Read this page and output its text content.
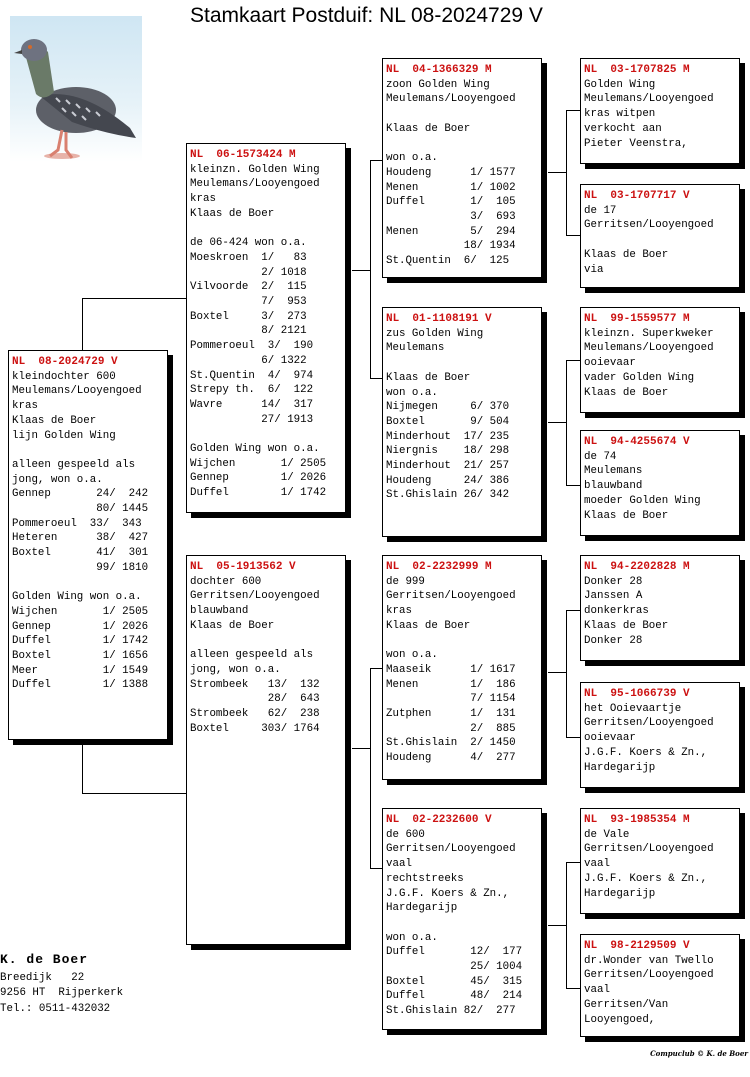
Stamkaart Postduif: NL 08-2024729 V
NL  08-2024729 V
kleindochter 600
Meulemans/Looyengoed
kras
Klaas de Boer
lijn Golden Wing
alleen gespeeld als
jong, won o.a.
Gennep       24/  242
80/ 1445
Pommeroeul  33/  343
Heteren      38/  427
Boxtel       41/  301
99/ 1810
Golden Wing won o.a.
Wijchen       1/ 2505
Gennep        1/ 2026
Duffel        1/ 1742
Boxtel        1/ 1656
Meer          1/ 1549
Duffel        1/ 1388
NL  06-1573424 M
kleinzn. Golden Wing
Meulemans/Looyengoed
kras
Klaas de Boer
de 06-424 won o.a.
Moeskroen  1/   83
2/ 1018
Vilvoorde  2/  115
7/  953
Boxtel     3/  273
8/ 2121
Pommeroeul  3/  190
6/ 1322
St.Quentin  4/  974
Strepy th.  6/  122
Wavre      14/  317
27/ 1913
Golden Wing won o.a.
Wijchen       1/ 2505
Gennep        1/ 2026
Duffel        1/ 1742
NL  05-1913562 V
dochter 600
Gerritsen/Looyengoed
blauwband
Klaas de Boer
alleen gespeeld als
jong, won o.a.
Strombeek   13/  132
28/  643
Strombeek   62/  238
Boxtel     303/ 1764
NL  04-1366329 M
zoon Golden Wing
Meulemans/Looyengoed
Klaas de Boer
won o.a.
Houdeng      1/ 1577
Menen        1/ 1002
Duffel       1/  105
3/  693
Menen        5/  294
18/ 1934
St.Quentin  6/  125
NL  01-1108191 V
zus Golden Wing
Meulemans
Klaas de Boer
won o.a.
Nijmegen     6/ 370
Boxtel       9/ 504
Minderhout  17/ 235
Niergnis    18/ 298
Minderhout  21/ 257
Houdeng     24/ 386
St.Ghislain 26/ 342
NL  02-2232999 M
de 999
Gerritsen/Looyengoed
kras
Klaas de Boer
won o.a.
Maaseik      1/ 1617
Menen        1/  186
7/ 1154
Zutphen      1/  131
2/  885
St.Ghislain  2/ 1450
Houdeng      4/  277
NL  02-2232600 V
de 600
Gerritsen/Looyengoed
vaal
rechtstreeks
J.G.F. Koers & Zn.,
Hardegarijp
won o.a.
Duffel       12/  177
25/ 1004
Boxtel       45/  315
Duffel       48/  214
St.Ghislain 82/  277
NL  03-1707825 M
Golden Wing
Meulemans/Looyengoed
kras witpen
verkocht aan
Pieter Veenstra,
NL  03-1707717 V
de 17
Gerritsen/Looyengoed
Klaas de Boer
via
NL  99-1559577 M
kleinzn. Superkweker
Meulemans/Looyengoed
ooievaar
vader Golden Wing
Klaas de Boer
NL  94-4255674 V
de 74
Meulemans
blauwband
moeder Golden Wing
Klaas de Boer
NL  94-2202828 M
Donker 28
Janssen A
donkerkras
Klaas de Boer
Donker 28
NL  95-1066739 V
het Ooievaartje
Gerritsen/Looyengoed
ooievaar
J.G.F. Koers & Zn.,
Hardegarijp
NL  93-1985354 M
de Vale
Gerritsen/Looyengoed
vaal
J.G.F. Koers & Zn.,
Hardegarijp
NL  98-2129509 V
dr.Wonder van Twello
Gerritsen/Looyengoed
vaal
Gerritsen/Van
Looyengoed,
K. de Boer
Breedijk   22
9256 HT  Rijperkerk
Tel.: 0511-432032
Compuclub © K. de Boer
